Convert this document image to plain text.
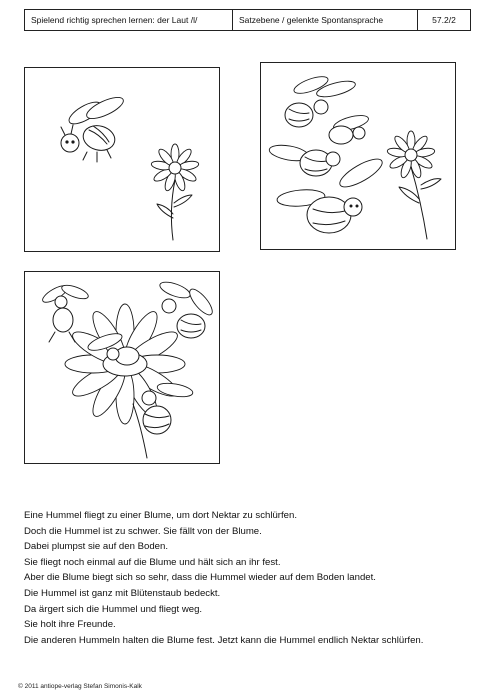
Spielend richtig sprechen lernen: der Laut /l/	Satzebene / gelenkte Spontansprache	57.2/2
Eine Hummel fliegt zu einer Blume, um dort Nektar zu schlürfen.
Doch die Hummel ist zu schwer. Sie fällt von der Blume.
Dabei plumpst sie auf den Boden.
Sie fliegt noch einmal auf die Blume und hält sich an ihr fest.
Aber die Blume biegt sich so sehr, dass die Hummel wieder auf dem Boden landet.
Die Hummel ist ganz mit Blütenstaub bedeckt.
Da ärgert sich die Hummel und fliegt weg.
Sie holt ihre Freunde.
Die anderen Hummeln halten die Blume fest. Jetzt kann die Hummel endlich Nektar schlürfen.
© 2011 antiope-verlag Stefan Simonis-Kalk
